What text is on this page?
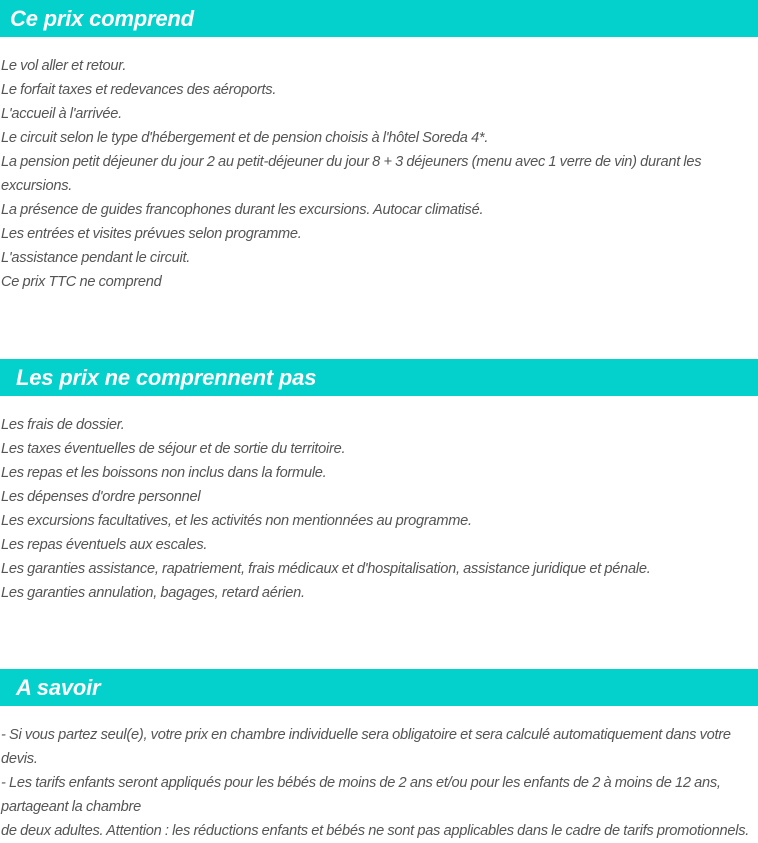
Ce prix comprend

Le vol aller et retour.

Le forfait taxes et redevances des aéroports.

L'accueil à l'arrivée.

Le circuit selon le type d'hébergement et de pension choisis à l'hôtel Soreda 4*.

La pension petit déjeuner du jour 2 au petit-déjeuner du jour 8 + 3 déjeuners (menu avec 1 verre de vin) durant les excursions.

La présence de guides francophones durant les excursions. Autocar climatisé.

Les entrées et visites prévues selon programme.

L'assistance pendant le circuit.

Ce prix TTC ne comprend

Les prix ne comprennent pas

Les frais de dossier.

Les taxes éventuelles de séjour et de sortie du territoire.

Les repas et les boissons non inclus dans la formule.

Les dépenses d'ordre personnel

Les excursions facultatives, et les activités non mentionnées au programme.

Les repas éventuels aux escales.

Les garanties assistance, rapatriement, frais médicaux et d'hospitalisation, assistance juridique et pénale.

Les garanties annulation, bagages, retard aérien.

A savoir

- Si vous partez seul(e), votre prix en chambre individuelle sera obligatoire et sera calculé automatiquement dans votre devis.

- Les tarifs enfants seront appliqués pour les bébés de moins de 2 ans et/ou pour les enfants de 2 à moins de 12 ans, partageant la chambre

de deux adultes. Attention : les réductions enfants et bébés ne sont pas applicables dans le cadre de tarifs promotionnels.
